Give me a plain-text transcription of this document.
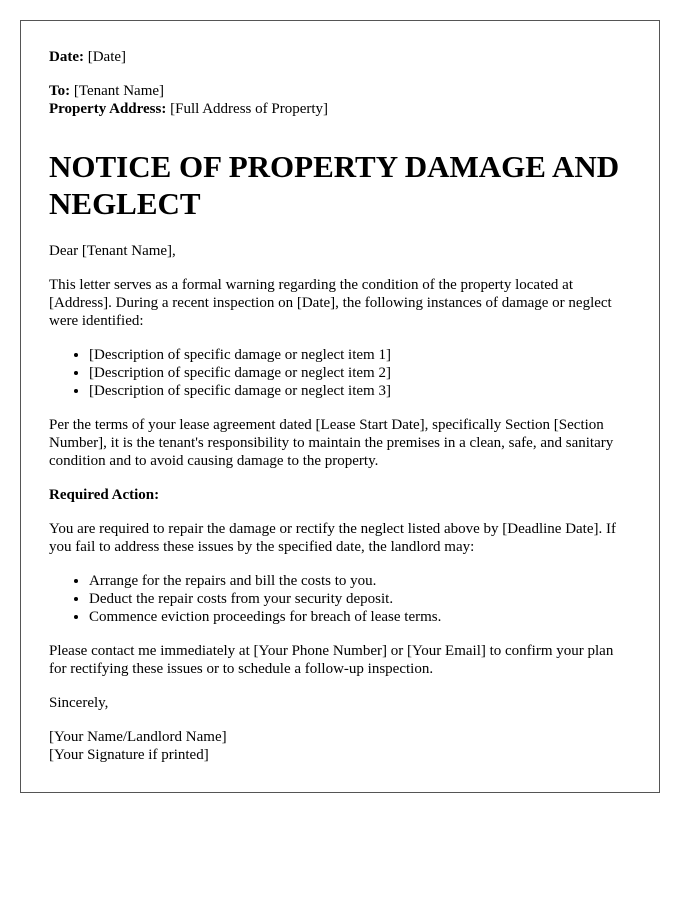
Date: [Date]

To: [Tenant Name]

Property Address: [Full Address of Property]

NOTICE OF PROPERTY DAMAGE AND NEGLECT

Dear [Tenant Name],

This letter serves as a formal warning regarding the condition of the property located at [Address]. During a recent inspection on [Date], the following instances of damage or neglect were identified:

• [Description of specific damage or neglect item 1]
• [Description of specific damage or neglect item 2]
• [Description of specific damage or neglect item 3]

Per the terms of your lease agreement dated [Lease Start Date], specifically Section [Section Number], it is the tenant's responsibility to maintain the premises in a clean, safe, and sanitary condition and to avoid causing damage to the property.

Required Action:

You are required to repair the damage or rectify the neglect listed above by [Deadline Date]. If you fail to address these issues by the specified date, the landlord may:

• Arrange for the repairs and bill the costs to you.
• Deduct the repair costs from your security deposit.
• Commence eviction proceedings for breach of lease terms.

Please contact me immediately at [Your Phone Number] or [Your Email] to confirm your plan for rectifying these issues or to schedule a follow-up inspection.

Sincerely,

[Your Name/Landlord Name]

[Your Signature if printed]
